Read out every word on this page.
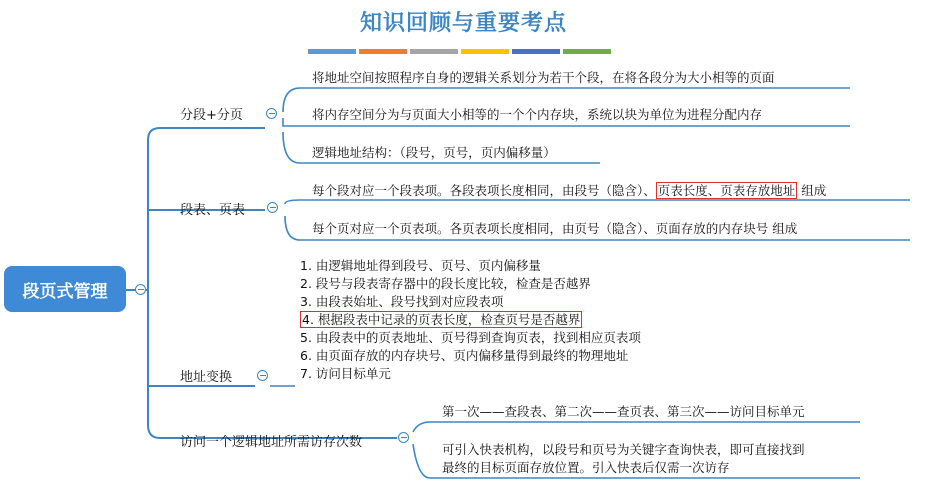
知识回顾与重要考点
段页式管理
分段+分页
将地址空间按照程序自身的逻辑关系划分为若干个段，在将各段分为大小相等的页面
将内存空间分为与页面大小相等的一个个内存块，系统以块为单位为进程分配内存
逻辑地址结构：（段号，页号，页内偏移量）
段表、页表
每个段对应一个段表项。各段表项长度相同，由段号（隐含）、 页表长度、页表存放地址 组成
每个页对应一个页表项。各页表项长度相同，由页号（隐含）、页面存放的内存块号 组成
地址变换
1. 由逻辑地址得到段号、页号、页内偏移量
2. 段号与段表寄存器中的段长度比较，检查是否越界
3. 由段表始址、段号找到对应段表项
4. 根据段表中记录的页表长度，检查页号是否越界
5. 由段表中的页表地址、页号得到查询页表，找到相应页表项
6. 由页面存放的内存块号、页内偏移量得到最终的物理地址
7. 访问目标单元
访问一个逻辑地址所需访存次数
第一次——查段表、第二次——查页表、第三次——访问目标单元
可引入快表机构，以段号和页号为关键字查询快表，即可直接找到
最终的目标页面存放位置。引入快表后仅需一次访存
